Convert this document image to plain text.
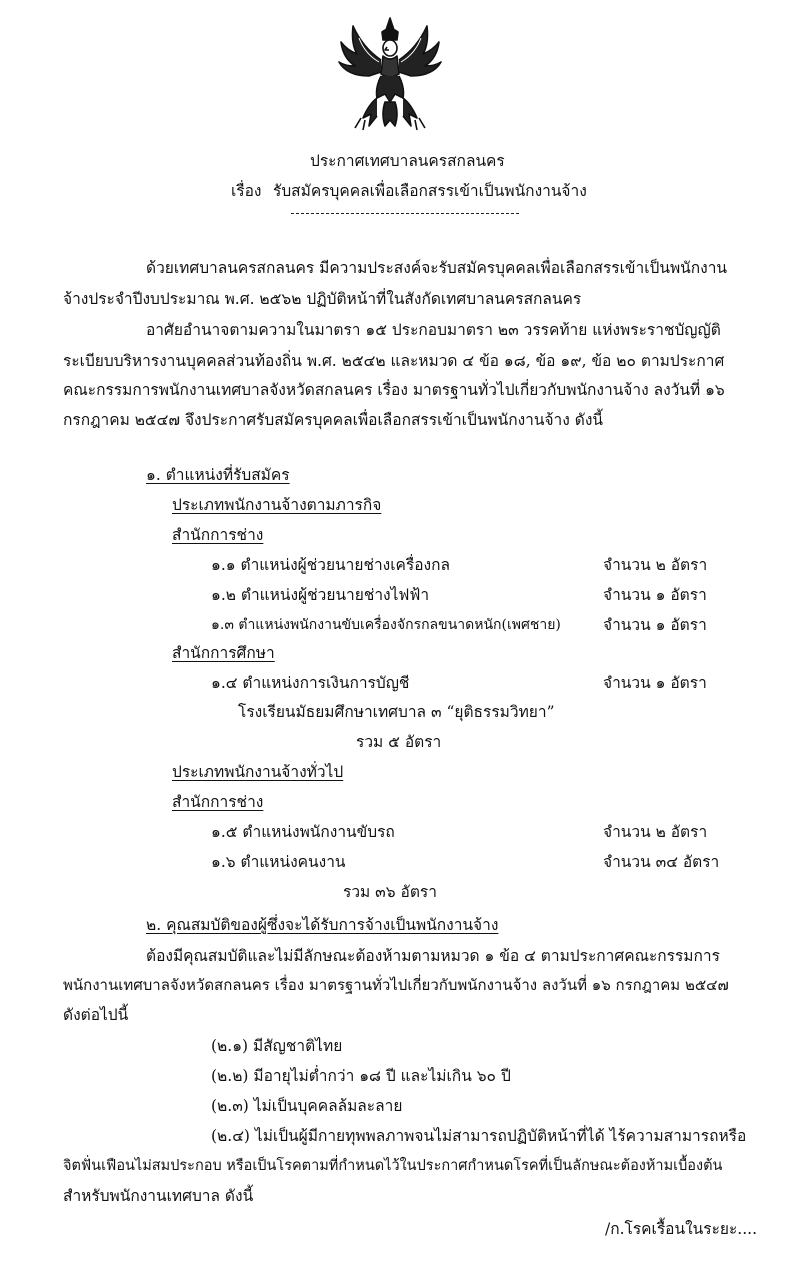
ประกาศเทศบาลนครสกลนคร
เรื่อง รับสมัครบุคคลเพื่อเลือกสรรเข้าเป็นพนักงานจ้าง
ด้วยเทศบาลนครสกลนคร มีความประสงค์จะรับสมัครบุคคลเพื่อเลือกสรรเข้าเป็นพนักงาน
จ้างประจำปีงบประมาณ พ.ศ. ๒๕๖๒ ปฏิบัติหน้าที่ในสังกัดเทศบาลนครสกลนคร
อาศัยอำนาจตามความในมาตรา ๑๕ ประกอบมาตรา ๒๓ วรรคท้าย แห่งพระราชบัญญัติ
ระเบียบบริหารงานบุคคลส่วนท้องถิ่น พ.ศ. ๒๕๔๒ และหมวด ๔ ข้อ ๑๘, ข้อ ๑๙, ข้อ ๒๐ ตามประกาศ
คณะกรรมการพนักงานเทศบาลจังหวัดสกลนคร เรื่อง มาตรฐานทั่วไปเกี่ยวกับพนักงานจ้าง ลงวันที่ ๑๖
กรกฎาคม ๒๕๔๗ จึงประกาศรับสมัครบุคคลเพื่อเลือกสรรเข้าเป็นพนักงานจ้าง ดังนี้
๑. ตำแหน่งที่รับสมัคร
ประเภทพนักงานจ้างตามภารกิจ
สำนักการช่าง
๑.๑ ตำแหน่งผู้ช่วยนายช่างเครื่องกล	จำนวน ๒ อัตรา
๑.๒ ตำแหน่งผู้ช่วยนายช่างไฟฟ้า	จำนวน ๑ อัตรา
๑.๓ ตำแหน่งพนักงานขับเครื่องจักรกลขนาดหนัก(เพศชาย)	จำนวน ๑ อัตรา
สำนักการศึกษา
๑.๔ ตำแหน่งการเงินการบัญชี	จำนวน ๑ อัตรา
โรงเรียนมัธยมศึกษาเทศบาล ๓ “ยุติธรรมวิทยา”
รวม ๕ อัตรา
ประเภทพนักงานจ้างทั่วไป
สำนักการช่าง
๑.๕ ตำแหน่งพนักงานขับรถ	จำนวน ๒ อัตรา
๑.๖ ตำแหน่งคนงาน	จำนวน ๓๔ อัตรา
รวม ๓๖ อัตรา
๒. คุณสมบัติของผู้ซึ่งจะได้รับการจ้างเป็นพนักงานจ้าง
ต้องมีคุณสมบัติและไม่มีลักษณะต้องห้ามตามหมวด ๑ ข้อ ๔ ตามประกาศคณะกรรมการ
พนักงานเทศบาลจังหวัดสกลนคร เรื่อง มาตรฐานทั่วไปเกี่ยวกับพนักงานจ้าง ลงวันที่ ๑๖ กรกฎาคม ๒๕๔๗
ดังต่อไปนี้
(๒.๑) มีสัญชาติไทย
(๒.๒) มีอายุไม่ต่ำกว่า ๑๘ ปี และไม่เกิน ๖๐ ปี
(๒.๓) ไม่เป็นบุคคลล้มละลาย
(๒.๔) ไม่เป็นผู้มีกายทุพพลภาพจนไม่สามารถปฏิบัติหน้าที่ได้ ไร้ความสามารถหรือ
จิตฟั่นเฟือนไม่สมประกอบ หรือเป็นโรคตามที่กำหนดไว้ในประกาศกำหนดโรคที่เป็นลักษณะต้องห้ามเบื้องต้น
สำหรับพนักงานเทศบาล ดังนี้
/ก.โรคเรื้อนในระยะ....
